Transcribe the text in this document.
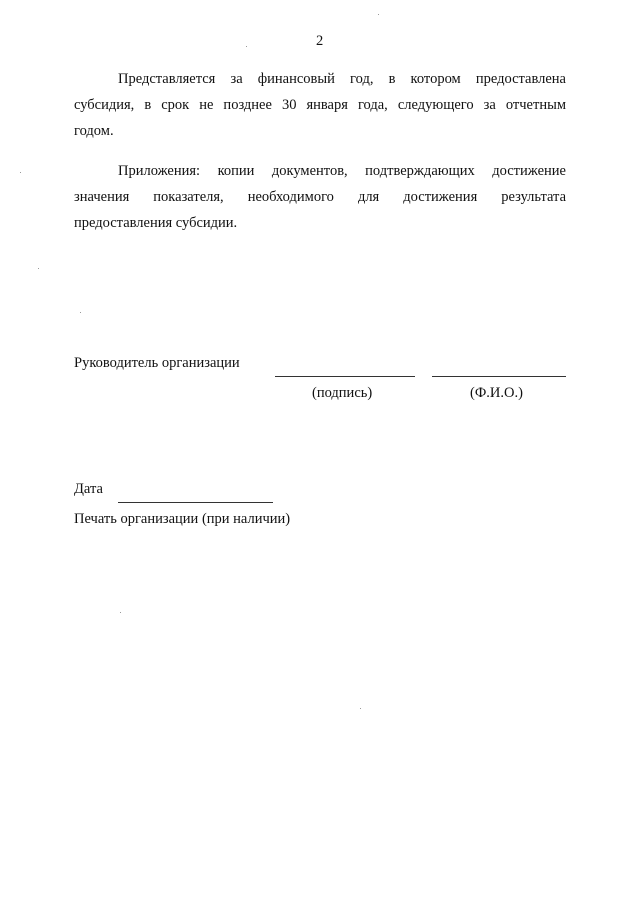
2
Представляется за финансовый год, в котором предоставлена
субсидия, в срок не позднее 30 января года, следующего за отчетным
годом.
Приложения: копии документов, подтверждающих достижение
значения показателя, необходимого для достижения результата
предоставления субсидии.
Руководитель организации
(подпись)	(Ф.И.О.)
Дата
Печать организации (при наличии)
